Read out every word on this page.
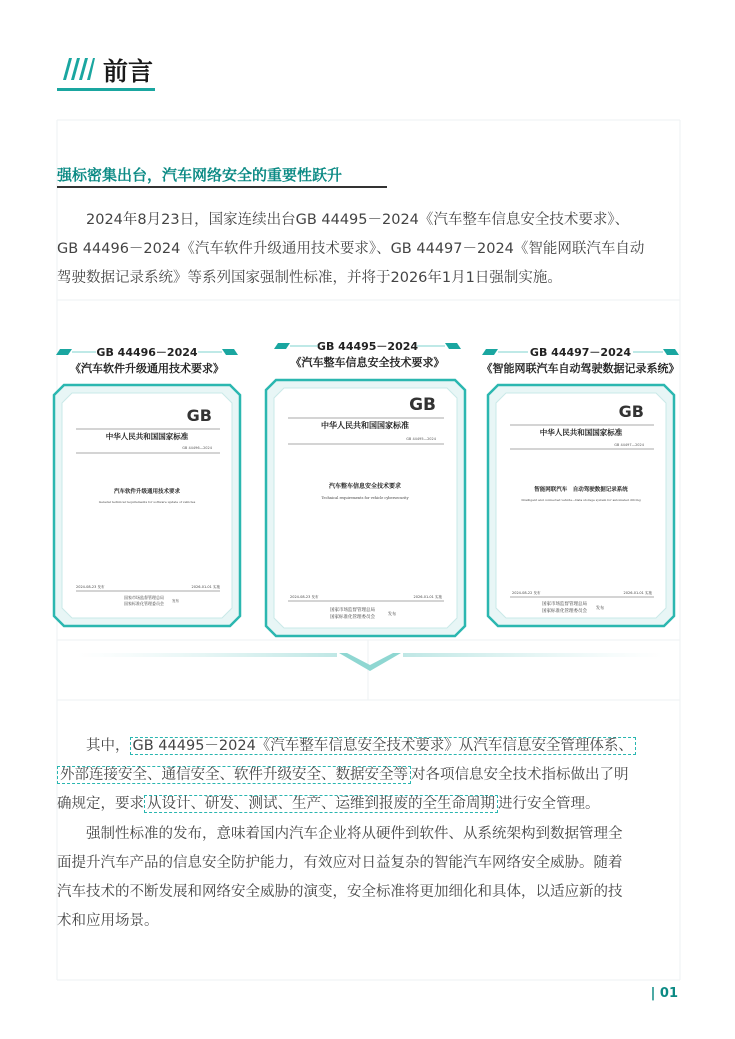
前言
强标密集出台，汽车网络安全的重要性跃升
2024年8月23日，国家连续出台GB 44495－2024《汽车整车信息安全技术要求》、
GB 44496－2024《汽车软件升级通用技术要求》、GB 44497－2024《智能网联汽车自动
驾驶数据记录系统》等系列国家强制性标准，并将于2026年1月1日强制实施。
GB 44496－2024
《汽车软件升级通用技术要求》
GB
中华人民共和国国家标准
GB 44496—2024
汽车软件升级通用技术要求
General technical requirements for software update of vehicles
2024-08-23 发布	2026-01-01 实施
国家市场监督管理总局
国家标准化管理委员会 发布
GB 44495－2024
《汽车整车信息安全技术要求》
GB
中华人民共和国国家标准
GB 44495—2024
汽车整车信息安全技术要求
Technical requirements for vehicle cybersecurity
2024-08-23 发布	2026-01-01 实施
国家市场监督管理总局
国家标准化管理委员会
发布
GB 44497－2024
《智能网联汽车自动驾驶数据记录系统》
GB
中华人民共和国国家标准
GB 44497—2024
智能网联汽车　自动驾驶数据记录系统
Intelligent and connected vehicle—Data storage system for automated driving
2024-08-22 发布	2026-01-01 实施
国家市场监督管理总局
国家标准化管理委员会
发布
其中， GB 44495－2024《汽车整车信息安全技术要求》从汽车信息安全管理体系、
外部连接安全、通信安全、软件升级安全、数据安全等 对各项信息安全技术指标做出了明
确规定，要求 从设计、研发、测试、生产、运维到报废的全生命周期 进行安全管理。
强制性标准的发布，意味着国内汽车企业将从硬件到软件、从系统架构到数据管理全
面提升汽车产品的信息安全防护能力，有效应对日益复杂的智能汽车网络安全威胁。随着
汽车技术的不断发展和网络安全威胁的演变，安全标准将更加细化和具体，以适应新的技
术和应用场景。
| 01
